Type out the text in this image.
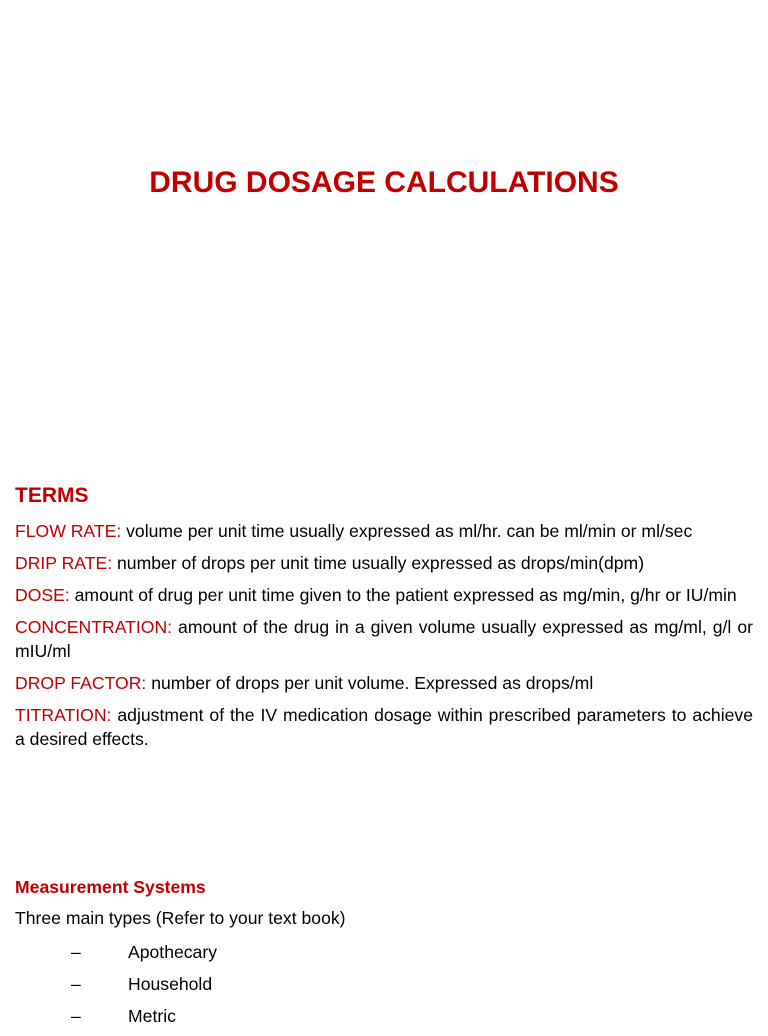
DRUG DOSAGE CALCULATIONS
TERMS

FLOW RATE: volume per unit time usually expressed as ml/hr. can be ml/min or ml/sec

DRIP RATE: number of drops per unit time usually expressed as drops/min(dpm)

DOSE: amount of drug per unit time given to the patient expressed as mg/min, g/hr or IU/min

CONCENTRATION: amount of the drug in a given volume usually expressed as mg/ml, g/l or mIU/ml

DROP FACTOR: number of drops per unit volume. Expressed as drops/ml

TITRATION: adjustment of the IV medication dosage within prescribed parameters to achieve a desired effects.

Measurement Systems
Three main types (Refer to your text book)
–	Apothecary
–	Household
–	Metric
